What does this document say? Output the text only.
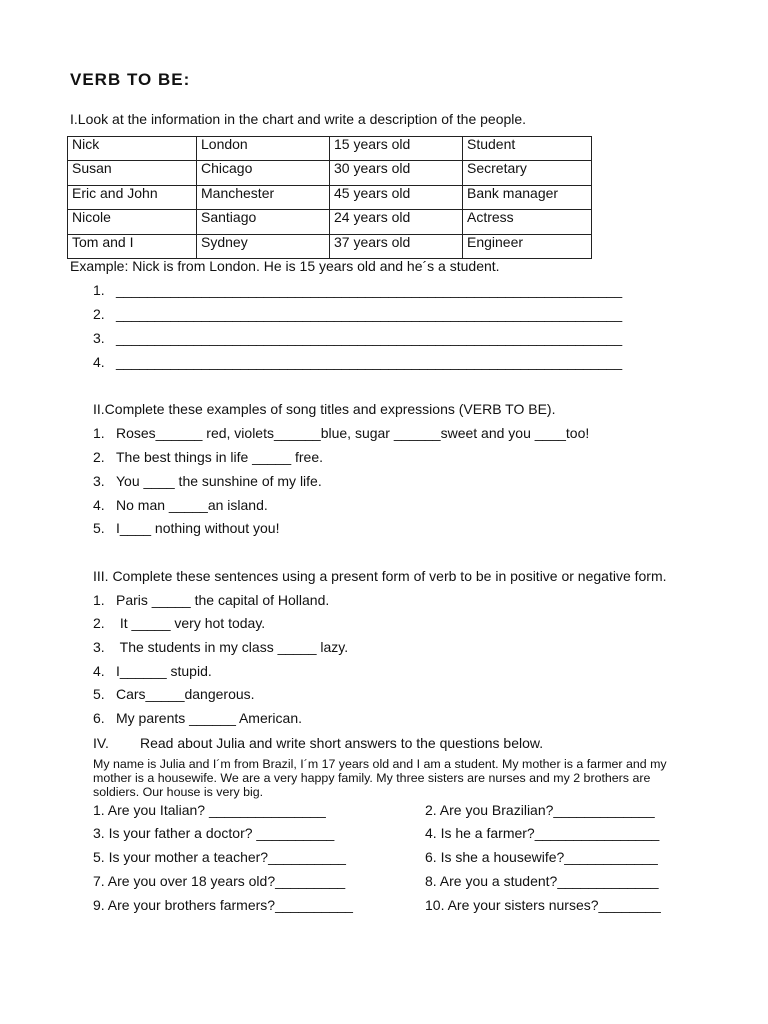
VERB TO BE:
I.Look at the information in the chart and write a description of the people.
Nick	London	15 years old	Student
Susan	Chicago	30 years old	Secretary
Eric and John	Manchester	45 years old	Bank manager
Nicole	Santiago	24 years old	Actress
Tom and I	Sydney	37 years old	Engineer
Example: Nick is from London. He is 15 years old and he´s a student.
1. _________________________________________________________________
2. _________________________________________________________________
3. _________________________________________________________________
4. _________________________________________________________________
II.Complete these examples of song titles and expressions (VERB TO BE).
1. Roses______ red, violets______blue, sugar ______sweet and you ____too!
2. The best things in life _____ free.
3. You ____ the sunshine of my life.
4. No man _____an island.
5. I____ nothing without you!
III. Complete these sentences using a present form of verb to be in positive or negative form.
1. Paris _____ the capital of Holland.
2. It _____ very hot today.
3. The students in my class _____ lazy.
4. I______ stupid.
5. Cars_____dangerous.
6. My parents ______ American.
IV. Read about Julia and write short answers to the questions below.
My name is Julia and I´m from Brazil, I´m 17 years old and I am a student. My mother is a farmer and my mother is a housewife. We are a very happy family. My three sisters are nurses and my 2 brothers are soldiers. Our house is very big.
1. Are you Italian? _______________
3. Is your father a doctor? __________
5. Is your mother a teacher?__________
7. Are you over 18 years old?_________
9. Are your brothers farmers?__________
2. Are you Brazilian?_____________
4. Is he a farmer?________________
6. Is she a housewife?____________
8. Are you a student?_____________
10. Are your sisters nurses?________
